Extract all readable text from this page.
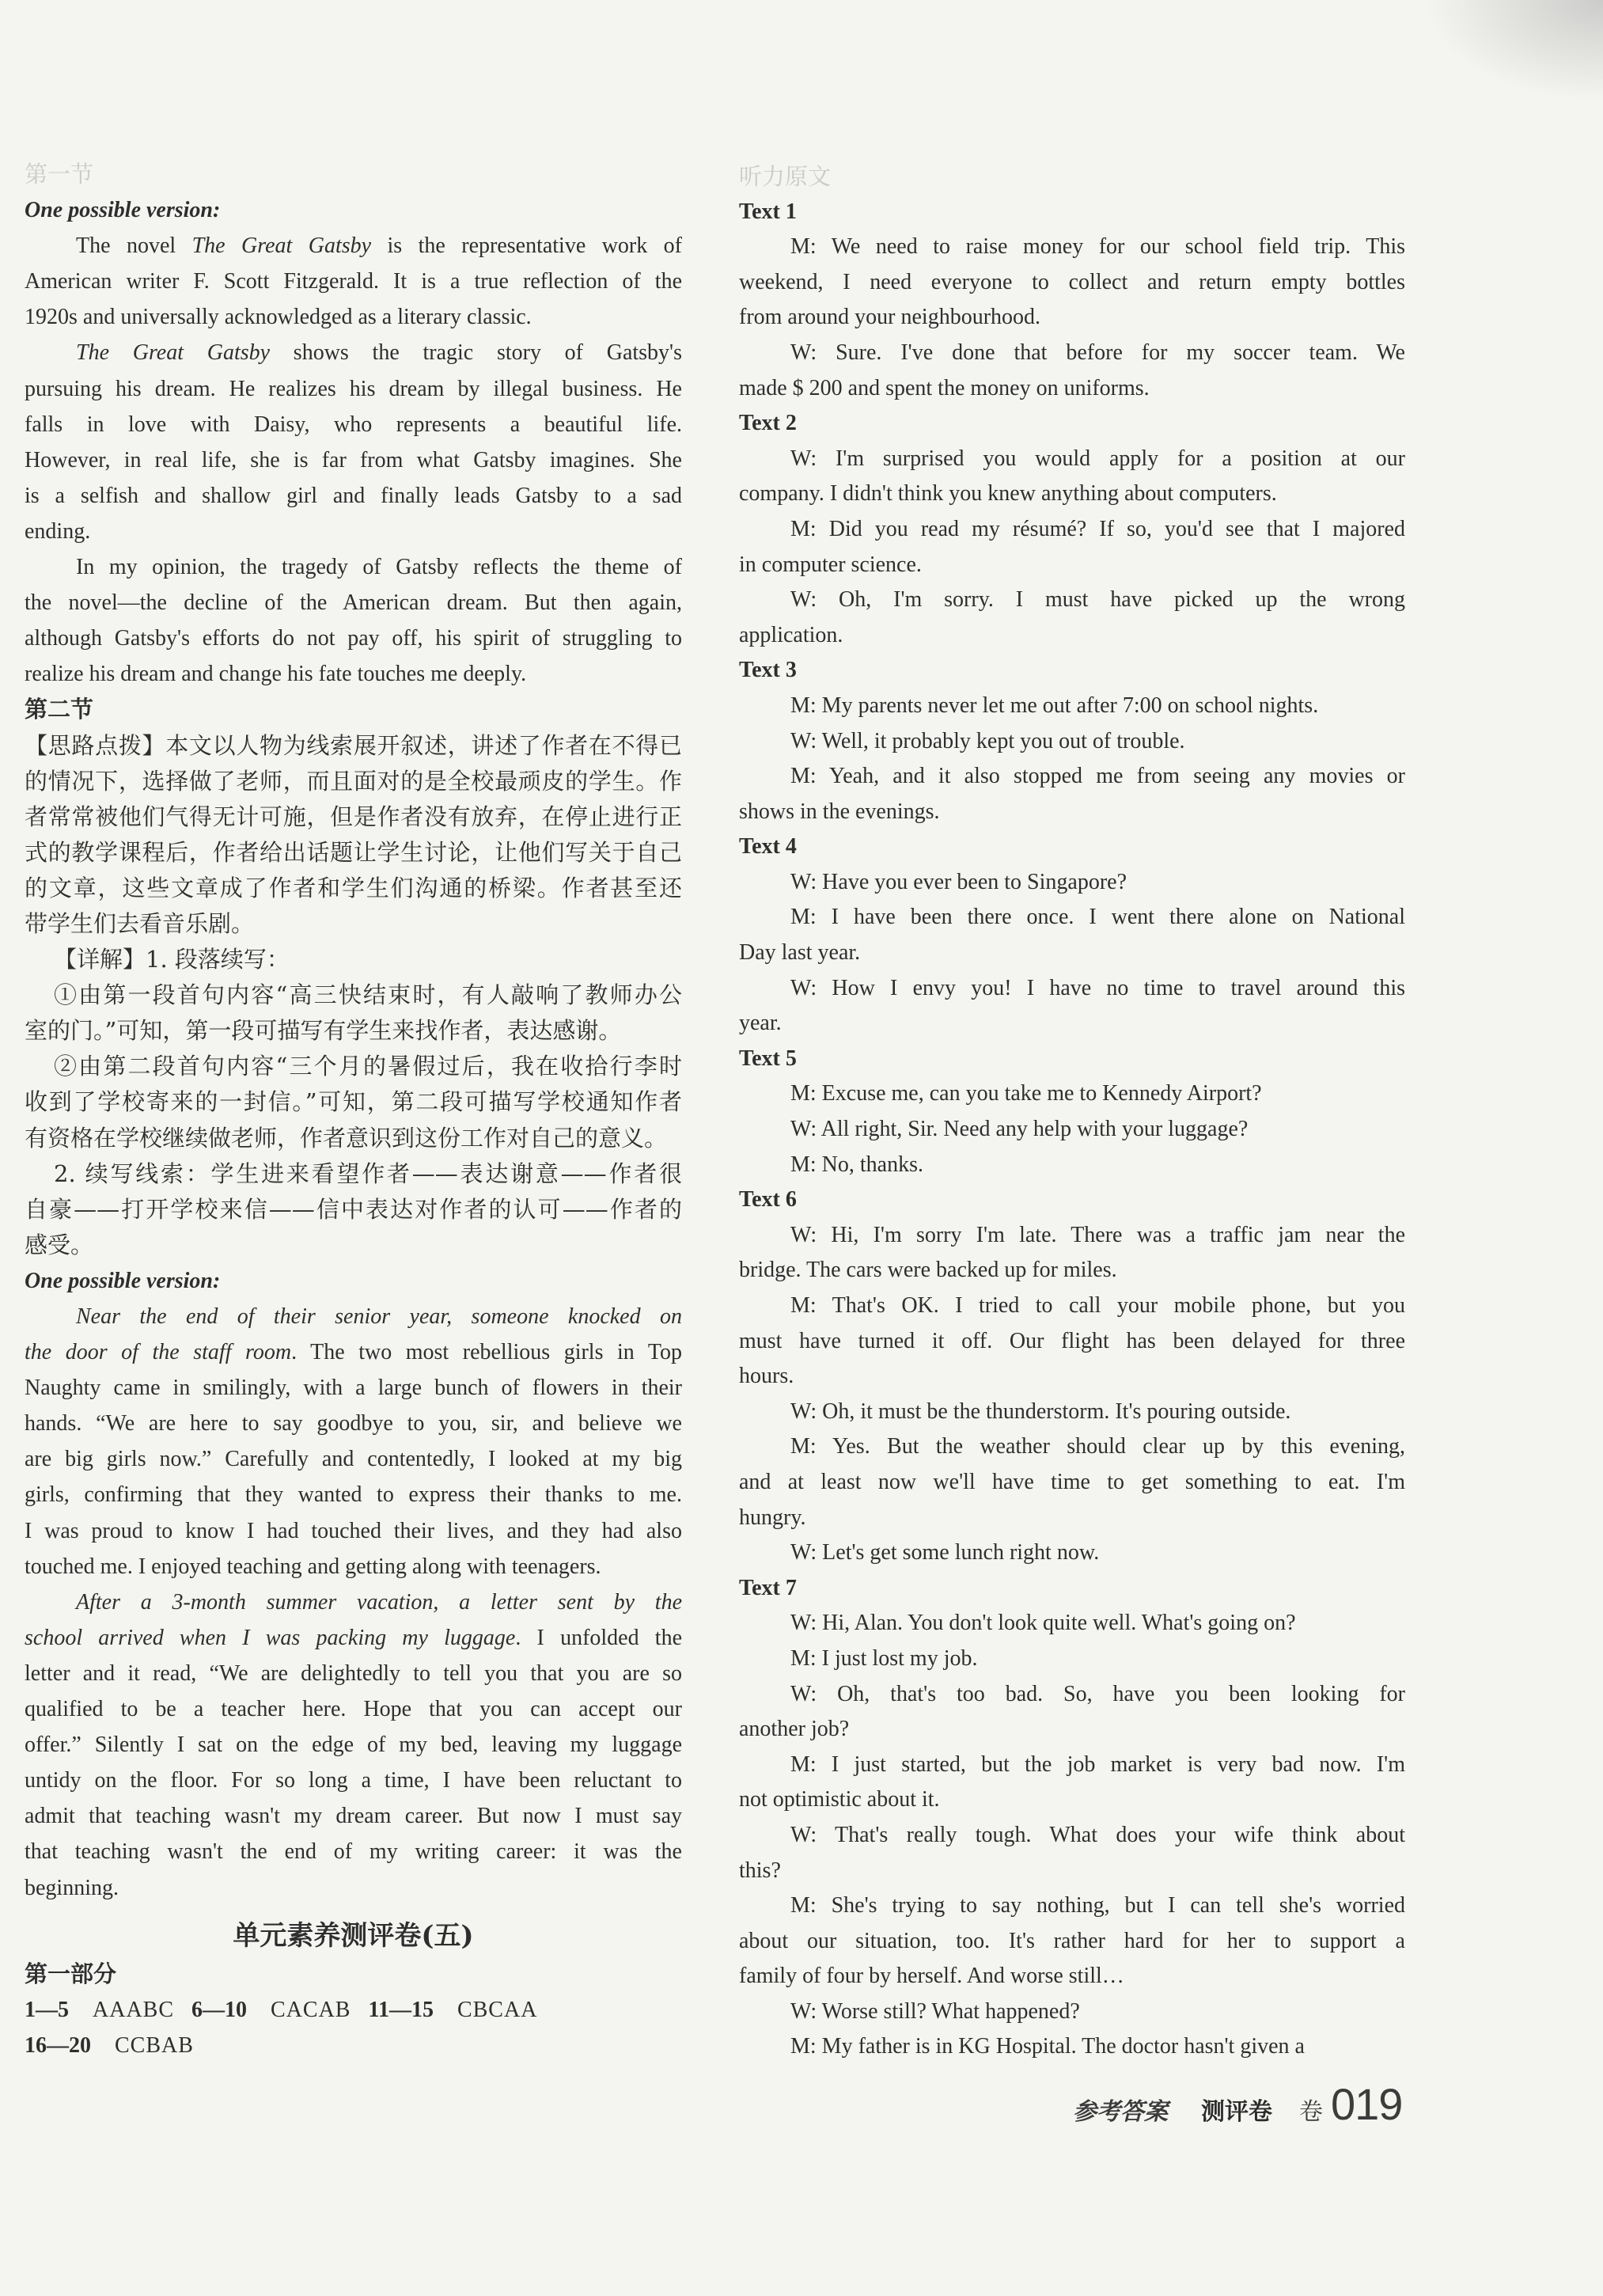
第一节
One possible version:
The novel The Great Gatsby is the representative work of
American writer F. Scott Fitzgerald. It is a true reflection of the
1920s and universally acknowledged as a literary classic.
The Great Gatsby shows the tragic story of Gatsby's
pursuing his dream. He realizes his dream by illegal business. He
falls in love with Daisy, who represents a beautiful life.
However, in real life, she is far from what Gatsby imagines. She
is a selfish and shallow girl and finally leads Gatsby to a sad
ending.
In my opinion, the tragedy of Gatsby reflects the theme of
the novel—the decline of the American dream. But then again,
although Gatsby's efforts do not pay off, his spirit of struggling to
realize his dream and change his fate touches me deeply.
第二节
【思路点拨】本文以人物为线索展开叙述，讲述了作者在不得已
的情况下，选择做了老师，而且面对的是全校最顽皮的学生。作
者常常被他们气得无计可施，但是作者没有放弃，在停止进行正
式的教学课程后，作者给出话题让学生讨论，让他们写关于自己
的文章，这些文章成了作者和学生们沟通的桥梁。作者甚至还
带学生们去看音乐剧。
【详解】1. 段落续写：
①由第一段首句内容“高三快结束时，有人敲响了教师办公
室的门。”可知，第一段可描写有学生来找作者，表达感谢。
②由第二段首句内容“三个月的暑假过后，我在收拾行李时
收到了学校寄来的一封信。”可知，第二段可描写学校通知作者
有资格在学校继续做老师，作者意识到这份工作对自己的意义。
2. 续写线索：学生进来看望作者——表达谢意——作者很
自豪——打开学校来信——信中表达对作者的认可——作者的
感受。
One possible version:
Near the end of their senior year, someone knocked on
the door of the staff room. The two most rebellious girls in Top
Naughty came in smilingly, with a large bunch of flowers in their
hands. “We are here to say goodbye to you, sir, and believe we
are big girls now.” Carefully and contentedly, I looked at my big
girls, confirming that they wanted to express their thanks to me.
I was proud to know I had touched their lives, and they had also
touched me. I enjoyed teaching and getting along with teenagers.
After a 3-month summer vacation, a letter sent by the
school arrived when I was packing my luggage. I unfolded the
letter and it read, “We are delightedly to tell you that you are so
qualified to be a teacher here. Hope that you can accept our
offer.” Silently I sat on the edge of my bed, leaving my luggage
untidy on the floor. For so long a time, I have been reluctant to
admit that teaching wasn't my dream career. But now I must say
that teaching wasn't the end of my writing career: it was the
beginning.
单元素养测评卷(五)
第一部分
1—5 AAABC 6—10 CACAB 11—15 CBCAA
16—20 CCBAB
听力原文
Text 1
M: We need to raise money for our school field trip. This
weekend, I need everyone to collect and return empty bottles
from around your neighbourhood.
W: Sure. I've done that before for my soccer team. We
made $ 200 and spent the money on uniforms.
Text 2
W: I'm surprised you would apply for a position at our
company. I didn't think you knew anything about computers.
M: Did you read my résumé? If so, you'd see that I majored
in computer science.
W: Oh, I'm sorry. I must have picked up the wrong
application.
Text 3
M: My parents never let me out after 7:00 on school nights.
W: Well, it probably kept you out of trouble.
M: Yeah, and it also stopped me from seeing any movies or
shows in the evenings.
Text 4
W: Have you ever been to Singapore?
M: I have been there once. I went there alone on National
Day last year.
W: How I envy you! I have no time to travel around this
year.
Text 5
M: Excuse me, can you take me to Kennedy Airport?
W: All right, Sir. Need any help with your luggage?
M: No, thanks.
Text 6
W: Hi, I'm sorry I'm late. There was a traffic jam near the
bridge. The cars were backed up for miles.
M: That's OK. I tried to call your mobile phone, but you
must have turned it off. Our flight has been delayed for three
hours.
W: Oh, it must be the thunderstorm. It's pouring outside.
M: Yes. But the weather should clear up by this evening,
and at least now we'll have time to get something to eat. I'm
hungry.
W: Let's get some lunch right now.
Text 7
W: Hi, Alan. You don't look quite well. What's going on?
M: I just lost my job.
W: Oh, that's too bad. So, have you been looking for
another job?
M: I just started, but the job market is very bad now. I'm
not optimistic about it.
W: That's really tough. What does your wife think about
this?
M: She's trying to say nothing, but I can tell she's worried
about our situation, too. It's rather hard for her to support a
family of four by herself. And worse still…
W: Worse still? What happened?
M: My father is in KG Hospital. The doctor hasn't given a
参考答案 测评卷 卷 019
